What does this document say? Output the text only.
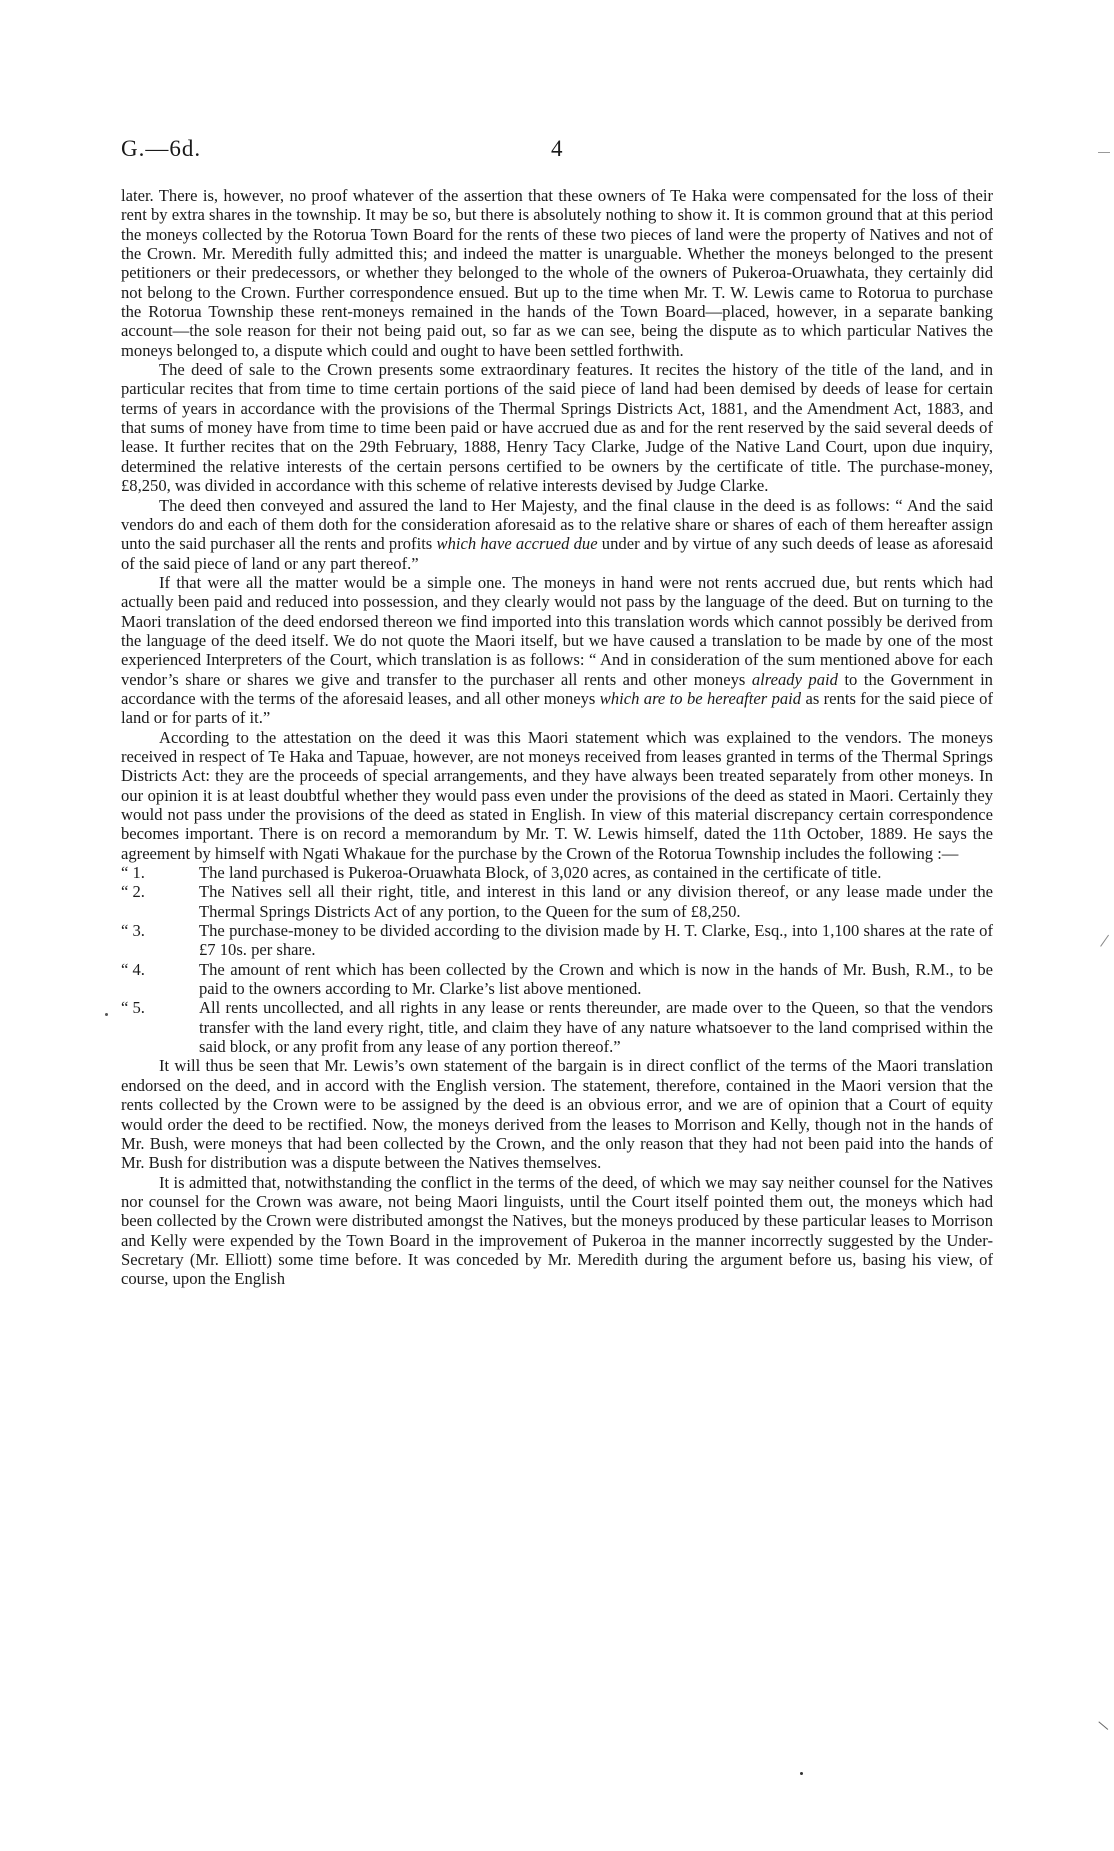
G.—6d.	4

later. There is, however, no proof whatever of the assertion that these owners of Te Haka were compensated for the loss of their rent by extra shares in the township. It may be so, but there is absolutely nothing to show it. It is common ground that at this period the moneys collected by the Rotorua Town Board for the rents of these two pieces of land were the property of Natives and not of the Crown. Mr. Meredith fully admitted this; and indeed the matter is unarguable. Whether the moneys belonged to the present petitioners or their predecessors, or whether they belonged to the whole of the owners of Pukeroa-Oruawhata, they certainly did not belong to the Crown. Further correspondence ensued. But up to the time when Mr. T. W. Lewis came to Rotorua to purchase the Rotorua Township these rent-moneys remained in the hands of the Town Board—placed, however, in a separate banking account—the sole reason for their not being paid out, so far as we can see, being the dispute as to which particular Natives the moneys belonged to, a dispute which could and ought to have been settled forthwith.

The deed of sale to the Crown presents some extraordinary features. It recites the history of the title of the land, and in particular recites that from time to time certain portions of the said piece of land had been demised by deeds of lease for certain terms of years in accordance with the provisions of the Thermal Springs Districts Act, 1881, and the Amendment Act, 1883, and that sums of money have from time to time been paid or have accrued due as and for the rent reserved by the said several deeds of lease. It further recites that on the 29th February, 1888, Henry Tacy Clarke, Judge of the Native Land Court, upon due inquiry, determined the relative interests of the certain persons certified to be owners by the certificate of title. The purchase-money, £8,250, was divided in accordance with this scheme of relative interests devised by Judge Clarke.

The deed then conveyed and assured the land to Her Majesty, and the final clause in the deed is as follows: “ And the said vendors do and each of them doth for the consideration aforesaid as to the relative share or shares of each of them hereafter assign unto the said purchaser all the rents and profits which have accrued due under and by virtue of any such deeds of lease as aforesaid of the said piece of land or any part thereof.”

If that were all the matter would be a simple one. The moneys in hand were not rents accrued due, but rents which had actually been paid and reduced into possession, and they clearly would not pass by the language of the deed. But on turning to the Maori translation of the deed endorsed thereon we find imported into this translation words which cannot possibly be derived from the language of the deed itself. We do not quote the Maori itself, but we have caused a translation to be made by one of the most experienced Interpreters of the Court, which translation is as follows: “ And in consideration of the sum mentioned above for each vendor’s share or shares we give and transfer to the purchaser all rents and other moneys already paid to the Government in accordance with the terms of the aforesaid leases, and all other moneys which are to be hereafter paid as rents for the said piece of land or for parts of it.”

According to the attestation on the deed it was this Maori statement which was explained to the vendors. The moneys received in respect of Te Haka and Tapuae, however, are not moneys received from leases granted in terms of the Thermal Springs Districts Act: they are the proceeds of special arrangements, and they have always been treated separately from other moneys. In our opinion it is at least doubtful whether they would pass even under the provisions of the deed as stated in Maori. Certainly they would not pass under the provisions of the deed as stated in English. In view of this material discrepancy certain correspondence becomes important. There is on record a memorandum by Mr. T. W. Lewis himself, dated the 11th October, 1889. He says the agreement by himself with Ngati Whakaue for the purchase by the Crown of the Rotorua Township includes the following :—

“ 1.	The land purchased is Pukeroa-Oruawhata Block, of 3,020 acres, as contained in the certificate of title.

“ 2.	The Natives sell all their right, title, and interest in this land or any division thereof, or any lease made under the Thermal Springs Districts Act of any portion, to the Queen for the sum of £8,250.

“ 3.	The purchase-money to be divided according to the division made by H. T. Clarke, Esq., into 1,100 shares at the rate of £7 10s. per share.

“ 4.	The amount of rent which has been collected by the Crown and which is now in the hands of Mr. Bush, R.M., to be paid to the owners according to Mr. Clarke’s list above mentioned.

“ 5.	All rents uncollected, and all rights in any lease or rents thereunder, are made over to the Queen, so that the vendors transfer with the land every right, title, and claim they have of any nature whatsoever to the land comprised within the said block, or any profit from any lease of any portion thereof.”

It will thus be seen that Mr. Lewis’s own statement of the bargain is in direct conflict of the terms of the Maori translation endorsed on the deed, and in accord with the English version. The statement, therefore, contained in the Maori version that the rents collected by the Crown were to be assigned by the deed is an obvious error, and we are of opinion that a Court of equity would order the deed to be rectified. Now, the moneys derived from the leases to Morrison and Kelly, though not in the hands of Mr. Bush, were moneys that had been collected by the Crown, and the only reason that they had not been paid into the hands of Mr. Bush for distribution was a dispute between the Natives themselves.

It is admitted that, notwithstanding the conflict in the terms of the deed, of which we may say neither counsel for the Natives nor counsel for the Crown was aware, not being Maori linguists, until the Court itself pointed them out, the moneys which had been collected by the Crown were distributed amongst the Natives, but the moneys produced by these particular leases to Morrison and Kelly were expended by the Town Board in the improvement of Pukeroa in the manner incorrectly suggested by the Under-Secretary (Mr. Elliott) some time before. It was conceded by Mr. Meredith during the argument before us, basing his view, of course, upon the English
